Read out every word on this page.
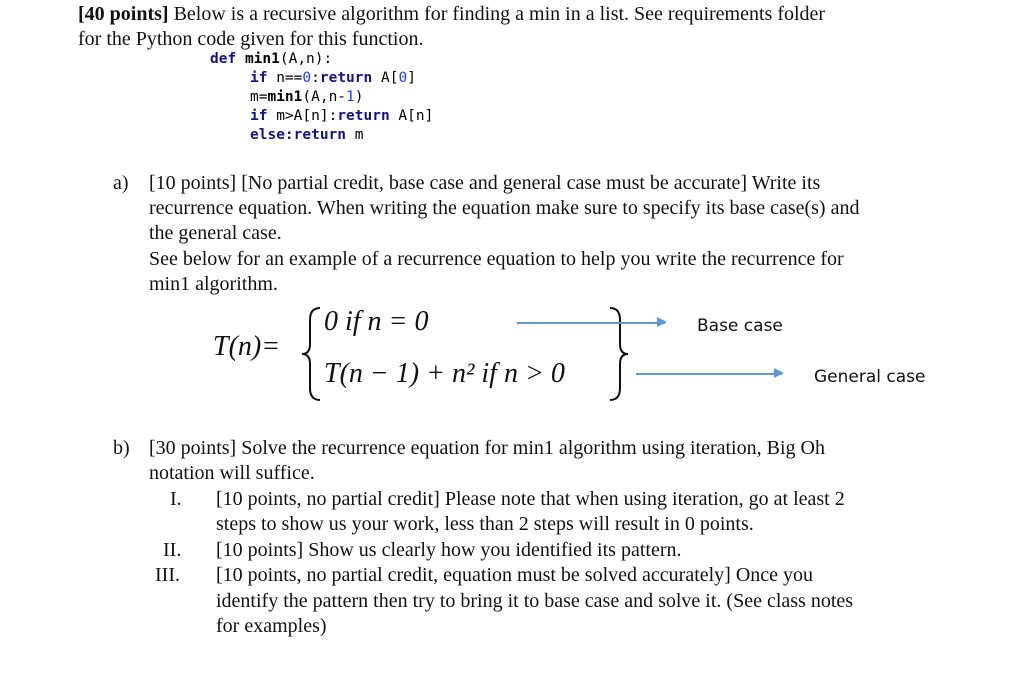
[40 points] Below is a recursive algorithm for finding a min in a list. See requirements folder
for the Python code given for this function.
def min1(A,n):
if n==0:return A[0]
m=min1(A,n-1)
if m>A[n]:return A[n]
else:return m
a) [10 points] [No partial credit, base case and general case must be accurate] Write its
recurrence equation. When writing the equation make sure to specify its base case(s) and
the general case.
See below for an example of a recurrence equation to help you write the recurrence for
min1 algorithm.
T(n)=
0 if n = 0
T(n − 1) + n² if n > 0
Base case
General case
b) [30 points] Solve the recurrence equation for min1 algorithm using iteration, Big Oh
notation will suffice.
I. [10 points, no partial credit] Please note that when using iteration, go at least 2
steps to show us your work, less than 2 steps will result in 0 points.
II. [10 points] Show us clearly how you identified its pattern.
III. [10 points, no partial credit, equation must be solved accurately] Once you
identify the pattern then try to bring it to base case and solve it. (See class notes
for examples)
